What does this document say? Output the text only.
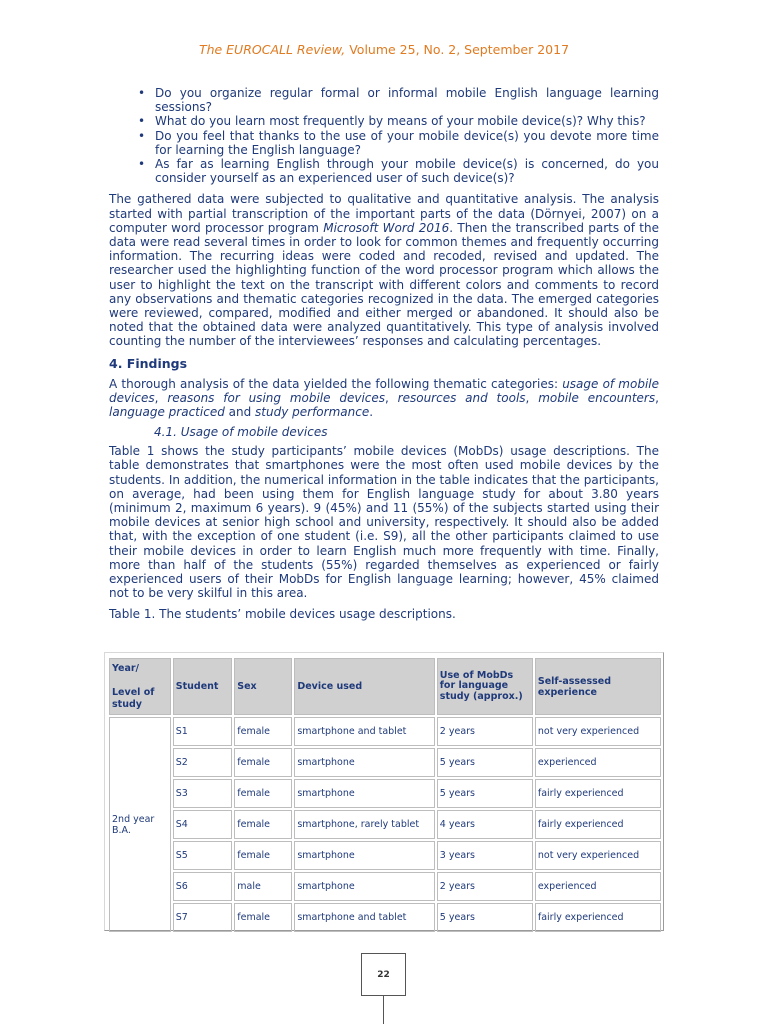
The EUROCALL Review, Volume 25, No. 2, September 2017
• Do you organize regular formal or informal mobile English language learning sessions?
• What do you learn most frequently by means of your mobile device(s)? Why this?
• Do you feel that thanks to the use of your mobile device(s) you devote more time for learning the English language?
• As far as learning English through your mobile device(s) is concerned, do you consider yourself as an experienced user of such device(s)?

The gathered data were subjected to qualitative and quantitative analysis. The analysis started with partial transcription of the important parts of the data (Dörnyei, 2007) on a computer word processor program Microsoft Word 2016. Then the transcribed parts of the data were read several times in order to look for common themes and frequently occurring information. The recurring ideas were coded and recoded, revised and updated. The researcher used the highlighting function of the word processor program which allows the user to highlight the text on the transcript with different colors and comments to record any observations and thematic categories recognized in the data. The emerged categories were reviewed, compared, modified and either merged or abandoned. It should also be noted that the obtained data were analyzed quantitatively. This type of analysis involved counting the number of the interviewees’ responses and calculating percentages.

4. Findings

A thorough analysis of the data yielded the following thematic categories: usage of mobile devices, reasons for using mobile devices, resources and tools, mobile encounters, language practiced and study performance.

4.1. Usage of mobile devices

Table 1 shows the study participants’ mobile devices (MobDs) usage descriptions. The table demonstrates that smartphones were the most often used mobile devices by the students. In addition, the numerical information in the table indicates that the participants, on average, had been using them for English language study for about 3.80 years (minimum 2, maximum 6 years). 9 (45%) and 11 (55%) of the subjects started using their mobile devices at senior high school and university, respectively. It should also be added that, with the exception of one student (i.e. S9), all the other participants claimed to use their mobile devices in order to learn English much more frequently with time. Finally, more than half of the students (55%) regarded themselves as experienced or fairly experienced users of their MobDs for English language learning; however, 45% claimed not to be very skilful in this area.

Table 1. The students’ mobile devices usage descriptions.
Year/

Level of study	Student	Sex	Device used	Use of MobDs for language study (approx.)	Self-assessed experience
2nd year B.A.	S1	female	smartphone and tablet	2 years	not very experienced
	S2	female	smartphone	5 years	experienced
	S3	female	smartphone	5 years	fairly experienced
	S4	female	smartphone, rarely tablet	4 years	fairly experienced
	S5	female	smartphone	3 years	not very experienced
	S6	male	smartphone	2 years	experienced
	S7	female	smartphone and tablet	5 years	fairly experienced
22
